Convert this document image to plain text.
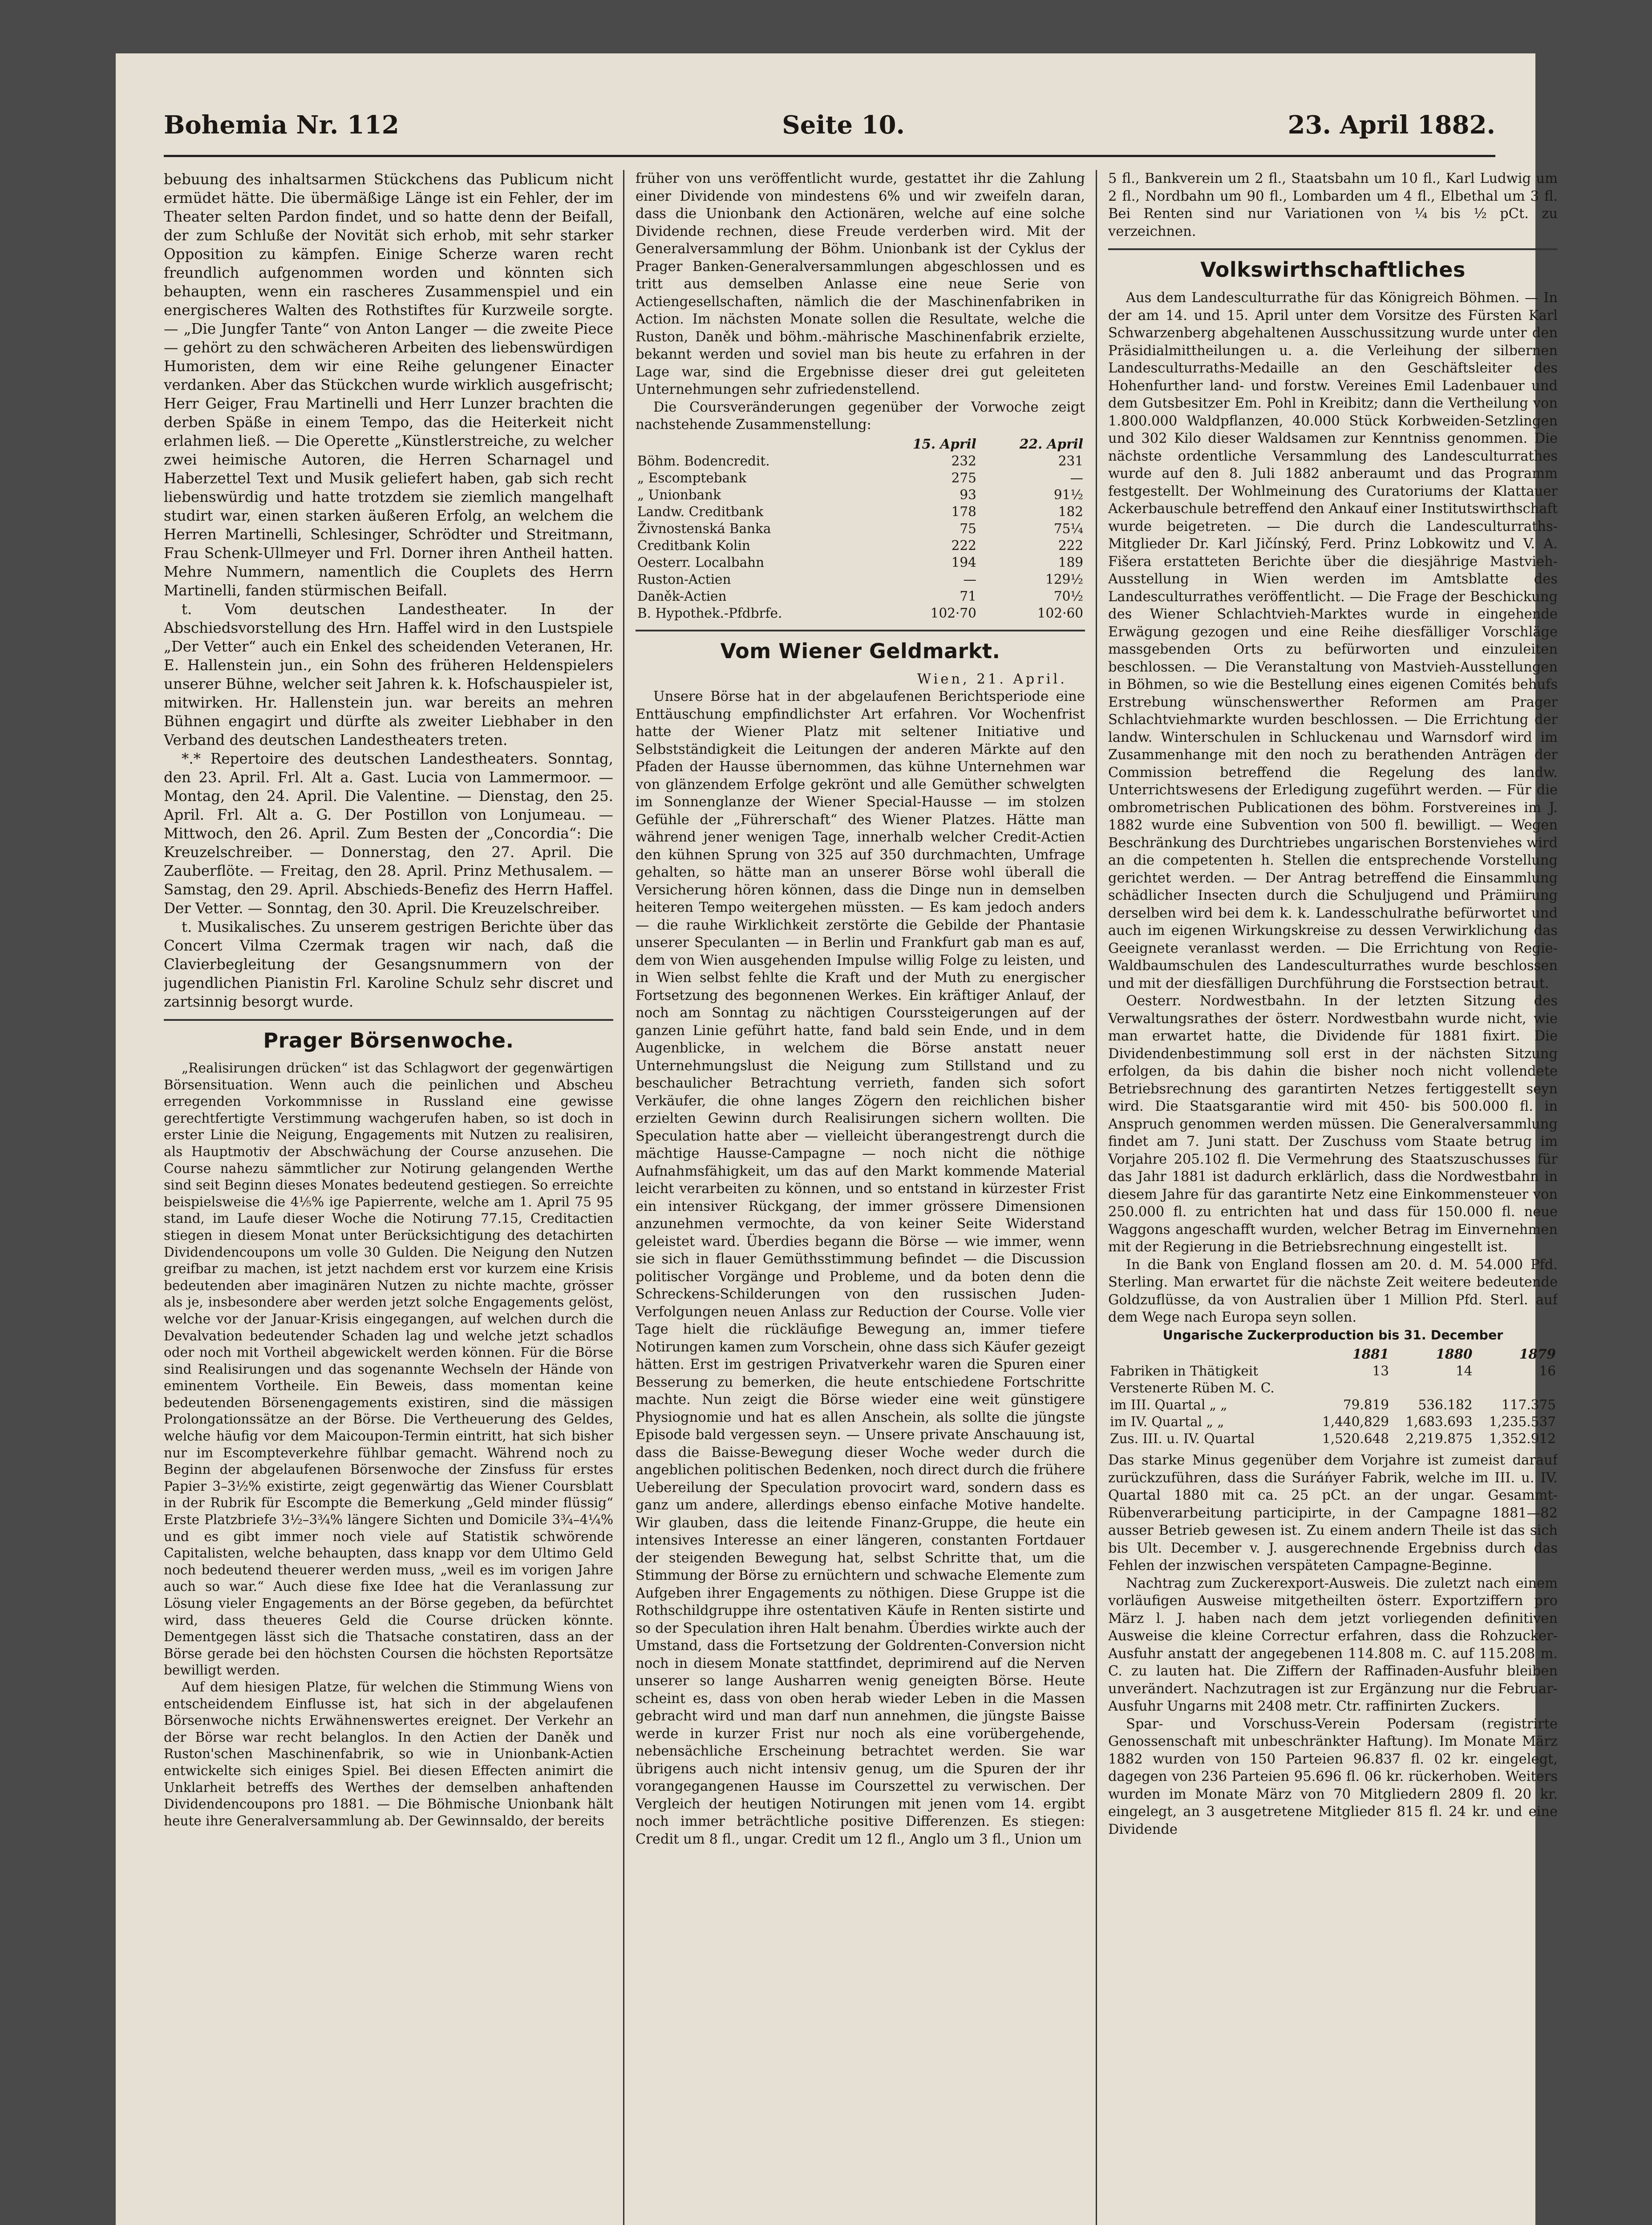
Bohemia Nr. 112	Seite 10.	23. April 1882.

bebuung des inhaltsarmen Stückchens das Publicum nicht ermüdet hätte. Die übermäßige Länge ist ein Fehler, der im Theater selten Pardon findet, und so hatte denn der Beifall, der zum Schluße der Novität sich erhob, mit sehr starker Opposition zu kämpfen. Einige Scherze waren recht freundlich aufgenommen worden und könnten sich behaupten, wenn ein rascheres Zusammenspiel und ein energischeres Walten des Rothstiftes für Kurzweile sorgte. — „Die Jungfer Tante“ von Anton Langer — die zweite Piece — gehört zu den schwächeren Arbeiten des liebenswürdigen Humoristen, dem wir eine Reihe gelungener Einacter verdanken. Aber das Stückchen wurde wirklich ausgefrischt; Herr Geiger, Frau Martinelli und Herr Lunzer brachten die derben Späße in einem Tempo, das die Heiterkeit nicht erlahmen ließ. — Die Operette „Künstlerstreiche, zu welcher zwei heimische Autoren, die Herren Scharnagel und Haberzettel Text und Musik geliefert haben, gab sich recht liebenswürdig und hatte trotzdem sie ziemlich mangelhaft studirt war, einen starken äußeren Erfolg, an welchem die Herren Martinelli, Schlesinger, Schrödter und Streitmann, Frau Schenk-Ullmeyer und Frl. Dorner ihren Antheil hatten. Mehre Nummern, namentlich die Couplets des Herrn Martinelli, fanden stürmischen Beifall.

t. Vom deutschen Landestheater. In der Abschiedsvorstellung des Hrn. Haffel wird in den Lustspiele „Der Vetter“ auch ein Enkel des scheidenden Veteranen, Hr. E. Hallenstein jun., ein Sohn des früheren Heldenspielers unserer Bühne, welcher seit Jahren k. k. Hofschauspieler ist, mitwirken. Hr. Hallenstein jun. war bereits an mehren Bühnen engagirt und dürfte als zweiter Liebhaber in den Verband des deutschen Landestheaters treten.

*.* Repertoire des deutschen Landestheaters. Sonntag, den 23. April. Frl. Alt a. Gast. Lucia von Lammermoor. — Montag, den 24. April. Die Valentine. — Dienstag, den 25. April. Frl. Alt a. G. Der Postillon von Lonjumeau. — Mittwoch, den 26. April. Zum Besten der „Concordia“: Die Kreuzelschreiber. — Donnerstag, den 27. April. Die Zauberflöte. — Freitag, den 28. April. Prinz Methusalem. — Samstag, den 29. April. Abschieds-Benefiz des Herrn Haffel. Der Vetter. — Sonntag, den 30. April. Die Kreuzelschreiber.

t. Musikalisches. Zu unserem gestrigen Berichte über das Concert Vilma Czermak tragen wir nach, daß die Clavierbegleitung der Gesangsnummern von der jugendlichen Pianistin Frl. Karoline Schulz sehr discret und zartsinnig besorgt wurde.

Prager Börsenwoche.

„Realisirungen drücken“ ist das Schlagwort der gegenwärtigen Börsensituation. Wenn auch die peinlichen und Abscheu erregenden Vorkommnisse in Russland eine gewisse gerechtfertigte Verstimmung wachgerufen haben, so ist doch in erster Linie die Neigung, Engagements mit Nutzen zu realisiren, als Hauptmotiv der Abschwächung der Course anzusehen. Die Course nahezu sämmtlicher zur Notirung gelangenden Werthe sind seit Beginn dieses Monates bedeutend gestiegen. So erreichte beispielsweise die 4⅕% ige Papierrente, welche am 1. April 75 95 stand, im Laufe dieser Woche die Notirung 77.15, Creditactien stiegen in diesem Monat unter Berücksichtigung des detachirten Dividendencoupons um volle 30 Gulden. Die Neigung den Nutzen greifbar zu machen, ist jetzt nachdem erst vor kurzem eine Krisis bedeutenden aber imaginären Nutzen zu nichte machte, grösser als je, insbesondere aber werden jetzt solche Engagements gelöst, welche vor der Januar-Krisis eingegangen, auf welchen durch die Devalvation bedeutender Schaden lag und welche jetzt schadlos oder noch mit Vortheil abgewickelt werden können. Für die Börse sind Realisirungen und das sogenannte Wechseln der Hände von eminentem Vortheile. Ein Beweis, dass momentan keine bedeutenden Börsenengagements existiren, sind die mässigen Prolongationssätze an der Börse. Die Vertheuerung des Geldes, welche häufig vor dem Maicoupon-Termin eintritt, hat sich bisher nur im Escompteverkehre fühlbar gemacht. Während noch zu Beginn der abgelaufenen Börsenwoche der Zinsfuss für erstes Papier 3–3½% existirte, zeigt gegenwärtig das Wiener Coursblatt in der Rubrik für Escompte die Bemerkung „Geld minder flüssig“ Erste Platzbriefe 3½–3¾% längere Sichten und Domicile 3¾–4¼% und es gibt immer noch viele auf Statistik schwörende Capitalisten, welche behaupten, dass knapp vor dem Ultimo Geld noch bedeutend theuerer werden muss, „weil es im vorigen Jahre auch so war.“ Auch diese fixe Idee hat die Veranlassung zur Lösung vieler Engagements an der Börse gegeben, da befürchtet wird, dass theueres Geld die Course drücken könnte. Dementgegen lässt sich die Thatsache constatiren, dass an der Börse gerade bei den höchsten Coursen die höchsten Reportsätze bewilligt werden.

Auf dem hiesigen Platze, für welchen die Stimmung Wiens von entscheidendem Einflusse ist, hat sich in der abgelaufenen Börsenwoche nichts Erwähnenswertes ereignet. Der Verkehr an der Börse war recht belanglos. In den Actien der Daněk und Ruston'schen Maschinenfabrik, so wie in Unionbank-Actien entwickelte sich einiges Spiel. Bei diesen Effecten animirt die Unklarheit betreffs des Werthes der demselben anhaftenden Dividendencoupons pro 1881. — Die Böhmische Unionbank hält heute ihre Generalversammlung ab. Der Gewinnsaldo, der bereits

früher von uns veröffentlicht wurde, gestattet ihr die Zahlung einer Dividende von mindestens 6% und wir zweifeln daran, dass die Unionbank den Actionären, welche auf eine solche Dividende rechnen, diese Freude verderben wird. Mit der Generalversammlung der Böhm. Unionbank ist der Cyklus der Prager Banken-Generalversammlungen abgeschlossen und es tritt aus demselben Anlasse eine neue Serie von Actiengesellschaften, nämlich die der Maschinenfabriken in Action. Im nächsten Monate sollen die Resultate, welche die Ruston, Daněk und böhm.-mährische Maschinenfabrik erzielte, bekannt werden und soviel man bis heute zu erfahren in der Lage war, sind die Ergebnisse dieser drei gut geleiteten Unternehmungen sehr zufriedenstellend.

Die Coursveränderungen gegenüber der Vorwoche zeigt nachstehende Zusammenstellung:

	15. April	22. April
Böhm. Bodencredit.	232	231
„ Escomptebank	275	—
„ Unionbank	93	91½
Landw. Creditbank	178	182
Živnostenská Banka	75	75¼
Creditbank Kolin	222	222
Oesterr. Localbahn	194	189
Ruston-Actien	—	129½
Daněk-Actien	71	70½
B. Hypothek.-Pfdbrfe.	102·70	102·60
Vom Wiener Geldmarkt.
Wien, 21. April.

Unsere Börse hat in der abgelaufenen Berichtsperiode eine Enttäuschung empfindlichster Art erfahren. Vor Wochenfrist hatte der Wiener Platz mit seltener Initiative und Selbstständigkeit die Leitungen der anderen Märkte auf den Pfaden der Hausse übernommen, das kühne Unternehmen war von glänzendem Erfolge gekrönt und alle Gemüther schwelgten im Sonnenglanze der Wiener Special-Hausse — im stolzen Gefühle der „Führerschaft“ des Wiener Platzes. Hätte man während jener wenigen Tage, innerhalb welcher Credit-Actien den kühnen Sprung von 325 auf 350 durchmachten, Umfrage gehalten, so hätte man an unserer Börse wohl überall die Versicherung hören können, dass die Dinge nun in demselben heiteren Tempo weitergehen müssten. — Es kam jedoch anders — die rauhe Wirklichkeit zerstörte die Gebilde der Phantasie unserer Speculanten — in Berlin und Frankfurt gab man es auf, dem von Wien ausgehenden Impulse willig Folge zu leisten, und in Wien selbst fehlte die Kraft und der Muth zu energischer Fortsetzung des begonnenen Werkes. Ein kräftiger Anlauf, der noch am Sonntag zu nächtigen Courssteigerungen auf der ganzen Linie geführt hatte, fand bald sein Ende, und in dem Augenblicke, in welchem die Börse anstatt neuer Unternehmungslust die Neigung zum Stillstand und zu beschaulicher Betrachtung verrieth, fanden sich sofort Verkäufer, die ohne langes Zögern den reichlichen bisher erzielten Gewinn durch Realisirungen sichern wollten. Die Speculation hatte aber — vielleicht überangestrengt durch die mächtige Hausse-Campagne — noch nicht die nöthige Aufnahmsfähigkeit, um das auf den Markt kommende Material leicht verarbeiten zu können, und so entstand in kürzester Frist ein intensiver Rückgang, der immer grössere Dimensionen anzunehmen vermochte, da von keiner Seite Widerstand geleistet ward. Überdies begann die Börse — wie immer, wenn sie sich in flauer Gemüthsstimmung befindet — die Discussion politischer Vorgänge und Probleme, und da boten denn die Schreckens-Schilderungen von den russischen Juden-Verfolgungen neuen Anlass zur Reduction der Course. Volle vier Tage hielt die rückläufige Bewegung an, immer tiefere Notirungen kamen zum Vorschein, ohne dass sich Käufer gezeigt hätten. Erst im gestrigen Privatverkehr waren die Spuren einer Besserung zu bemerken, die heute entschiedene Fortschritte machte. Nun zeigt die Börse wieder eine weit günstigere Physiognomie und hat es allen Anschein, als sollte die jüngste Episode bald vergessen seyn. — Unsere private Anschauung ist, dass die Baisse-Bewegung dieser Woche weder durch die angeblichen politischen Bedenken, noch direct durch die frühere Uebereilung der Speculation provocirt ward, sondern dass es ganz um andere, allerdings ebenso einfache Motive handelte. Wir glauben, dass die leitende Finanz-Gruppe, die heute ein intensives Interesse an einer längeren, constanten Fortdauer der steigenden Bewegung hat, selbst Schritte that, um die Stimmung der Börse zu ernüchtern und schwache Elemente zum Aufgeben ihrer Engagements zu nöthigen. Diese Gruppe ist die Rothschildgruppe ihre ostentativen Käufe in Renten sistirte und so der Speculation ihren Halt benahm. Überdies wirkte auch der Umstand, dass die Fortsetzung der Goldrenten-Conversion nicht noch in diesem Monate stattfindet, deprimirend auf die Nerven unserer so lange Ausharren wenig geneigten Börse. Heute scheint es, dass von oben herab wieder Leben in die Massen gebracht wird und man darf nun annehmen, die jüngste Baisse werde in kurzer Frist nur noch als eine vorübergehende, nebensächliche Erscheinung betrachtet werden. Sie war übrigens auch nicht intensiv genug, um die Spuren der ihr vorangegangenen Hausse im Courszettel zu verwischen. Der Vergleich der heutigen Notirungen mit jenen vom 14. ergibt noch immer beträchtliche positive Differenzen. Es stiegen: Credit um 8 fl., ungar. Credit um 12 fl., Anglo um 3 fl., Union um

5 fl., Bankverein um 2 fl., Staatsbahn um 10 fl., Karl Ludwig um 2 fl., Nordbahn um 90 fl., Lombarden um 4 fl., Elbethal um 3 fl. Bei Renten sind nur Variationen von ¼ bis ½ pCt. zu verzeichnen.

Volkswirthschaftliches

Aus dem Landesculturrathe für das Königreich Böhmen. — In der am 14. und 15. April unter dem Vorsitze des Fürsten Karl Schwarzenberg abgehaltenen Ausschussitzung wurde unter den Präsidialmittheilungen u. a. die Verleihung der silbernen Landesculturraths-Medaille an den Geschäftsleiter des Hohenfurther land- und forstw. Vereines Emil Ladenbauer und dem Gutsbesitzer Em. Pohl in Kreibitz; dann die Vertheilung von 1.800.000 Waldpflanzen, 40.000 Stück Korbweiden-Setzlingen und 302 Kilo dieser Waldsamen zur Kenntniss genommen. Die nächste ordentliche Versammlung des Landesculturrathes wurde auf den 8. Juli 1882 anberaumt und das Programm festgestellt. Der Wohlmeinung des Curatoriums der Klattauer Ackerbauschule betreffend den Ankauf einer Institutswirthschaft wurde beigetreten. — Die durch die Landesculturraths-Mitglieder Dr. Karl Jičínský, Ferd. Prinz Lobkowitz und V. A. Fišera erstatteten Berichte über die diesjährige Mastvieh-Ausstellung in Wien werden im Amtsblatte des Landesculturrathes veröffentlicht. — Die Frage der Beschickung des Wiener Schlachtvieh-Marktes wurde in eingehende Erwägung gezogen und eine Reihe diesfälliger Vorschläge massgebenden Orts zu befürworten und einzuleiten beschlossen. — Die Veranstaltung von Mastvieh-Ausstellungen in Böhmen, so wie die Bestellung eines eigenen Comités behufs Erstrebung wünschenswerther Reformen am Prager Schlachtviehmarkte wurden beschlossen. — Die Errichtung der landw. Winterschulen in Schluckenau und Warnsdorf wird im Zusammenhange mit den noch zu berathenden Anträgen der Commission betreffend die Regelung des landw. Unterrichtswesens der Erledigung zugeführt werden. — Für die ombrometrischen Publicationen des böhm. Forstvereines im J. 1882 wurde eine Subvention von 500 fl. bewilligt. — Wegen Beschränkung des Durchtriebes ungarischen Borstenviehes wird an die competenten h. Stellen die entsprechende Vorstellung gerichtet werden. — Der Antrag betreffend die Einsammlung schädlicher Insecten durch die Schuljugend und Prämiirung derselben wird bei dem k. k. Landesschulrathe befürwortet und auch im eigenen Wirkungskreise zu dessen Verwirklichung das Geeignete veranlasst werden. — Die Errichtung von Regie-Waldbaumschulen des Landesculturrathes wurde beschlossen und mit der diesfälligen Durchführung die Forstsection betraut.

Oesterr. Nordwestbahn. In der letzten Sitzung des Verwaltungsrathes der österr. Nordwestbahn wurde nicht, wie man erwartet hatte, die Dividende für 1881 fixirt. Die Dividendenbestimmung soll erst in der nächsten Sitzung erfolgen, da bis dahin die bisher noch nicht vollendete Betriebsrechnung des garantirten Netzes fertiggestellt seyn wird. Die Staatsgarantie wird mit 450- bis 500.000 fl. in Anspruch genommen werden müssen. Die Generalversammlung findet am 7. Juni statt. Der Zuschuss vom Staate betrug im Vorjahre 205.102 fl. Die Vermehrung des Staatszuschusses für das Jahr 1881 ist dadurch erklärlich, dass die Nordwestbahn in diesem Jahre für das garantirte Netz eine Einkommensteuer von 250.000 fl. zu entrichten hat und dass für 150.000 fl. neue Waggons angeschafft wurden, welcher Betrag im Einvernehmen mit der Regierung in die Betriebsrechnung eingestellt ist.

In die Bank von England flossen am 20. d. M. 54.000 Pfd. Sterling. Man erwartet für die nächste Zeit weitere bedeutende Goldzuflüsse, da von Australien über 1 Million Pfd. Sterl. auf dem Wege nach Europa seyn sollen.

Ungarische Zuckerproduction bis 31. December

	1881	1880	1879
Fabriken in Thätigkeit	13	14	16
Verstenerte Rüben M. C.			
im III. Quartal „ „	79.819	536.182	117.375
im IV. Quartal „ „	1,440,829	1,683.693	1,235.537
Zus. III. u. IV. Quartal	1,520.648	2,219.875	1,352.912

Das starke Minus gegenüber dem Vorjahre ist zumeist darauf zurückzuführen, dass die Suráńyer Fabrik, welche im III. u. IV. Quartal 1880 mit ca. 25 pCt. an der ungar. Gesammt-Rübenverarbeitung participirte, in der Campagne 1881—82 ausser Betrieb gewesen ist. Zu einem andern Theile ist das sich bis Ult. December v. J. ausgerechnende Ergebniss durch das Fehlen der inzwischen verspäteten Campagne-Beginne.

Nachtrag zum Zuckerexport-Ausweis. Die zuletzt nach einem vorläufigen Ausweise mitgetheilten österr. Exportziffern pro März l. J. haben nach dem jetzt vorliegenden definitiven Ausweise die kleine Correctur erfahren, dass die Rohzucker-Ausfuhr anstatt der angegebenen 114.808 m. C. auf 115.208 m. C. zu lauten hat. Die Ziffern der Raffinaden-Ausfuhr bleiben unverändert. Nachzutragen ist zur Ergänzung nur die Februar-Ausfuhr Ungarns mit 2408 metr. Ctr. raffinirten Zuckers.

Spar- und Vorschuss-Verein Podersam (registrirte Genossenschaft mit unbeschränkter Haftung). Im Monate März 1882 wurden von 150 Parteien 96.837 fl. 02 kr. eingelegt, dagegen von 236 Parteien 95.696 fl. 06 kr. rückerhoben. Weiters wurden im Monate März von 70 Mitgliedern 2809 fl. 20 kr. eingelegt, an 3 ausgetretene Mitglieder 815 fl. 24 kr. und eine Dividende
